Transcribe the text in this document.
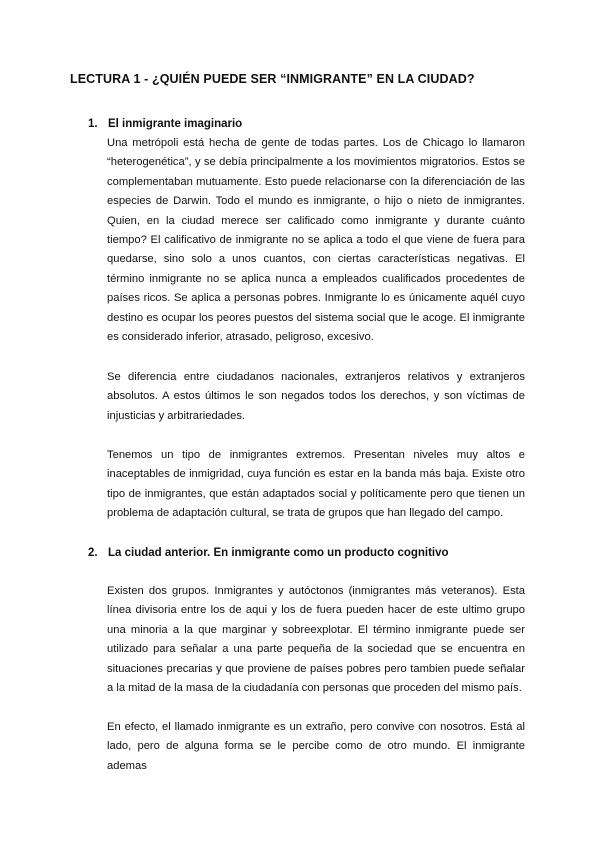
LECTURA 1 - ¿QUIÉN PUEDE SER “INMIGRANTE” EN LA CIUDAD?
1. El inmigrante imaginario

Una metrópoli está hecha de gente de todas partes. Los de Chicago lo llamaron “heterogenética”, y se debía principalmente a los movimientos migratorios. Estos se complementaban mutuamente. Esto puede relacionarse con la diferenciación de las especies de Darwin. Todo el mundo es inmigrante, o hijo o nieto de inmigrantes. Quien, en la ciudad merece ser calificado como inmigrante y durante cuánto tiempo? El calificativo de inmigrante no se aplica a todo el que viene de fuera para quedarse, sino solo a unos cuantos, con ciertas características negativas. El término inmigrante no se aplica nunca a empleados cualificados procedentes de países ricos. Se aplica a personas pobres. Inmigrante lo es únicamente aquél cuyo destino es ocupar los peores puestos del sistema social que le acoge. El inmigrante es considerado inferior, atrasado, peligroso, excesivo.

Se diferencia entre ciudadanos nacionales, extranjeros relativos y extranjeros absolutos. A estos últimos le son negados todos los derechos, y son víctimas de injusticias y arbitrariedades.

Tenemos un tipo de inmigrantes extremos. Presentan niveles muy altos e inaceptables de inmigridad, cuya función es estar en la banda más baja. Existe otro tipo de inmigrantes, que están adaptados social y políticamente pero que tienen un problema de adaptación cultural, se trata de grupos que han llegado del campo.

2. La ciudad anterior. En inmigrante como un producto cognitivo

Existen dos grupos. Inmigrantes y autóctonos (inmigrantes más veteranos). Esta línea divisoria entre los de aqui y los de fuera pueden hacer de este ultimo grupo una minoria a la que marginar y sobreexplotar. El término inmigrante puede ser utilizado para señalar a una parte pequeña de la sociedad que se encuentra en situaciones precarias y que proviene de países pobres pero tambien puede señalar a la mitad de la masa de la ciudadanía con personas que proceden del mismo país.

En efecto, el llamado inmigrante es un extraño, pero convive con nosotros. Está al lado, pero de alguna forma se le percibe como de otro mundo. El inmigrante ademas
